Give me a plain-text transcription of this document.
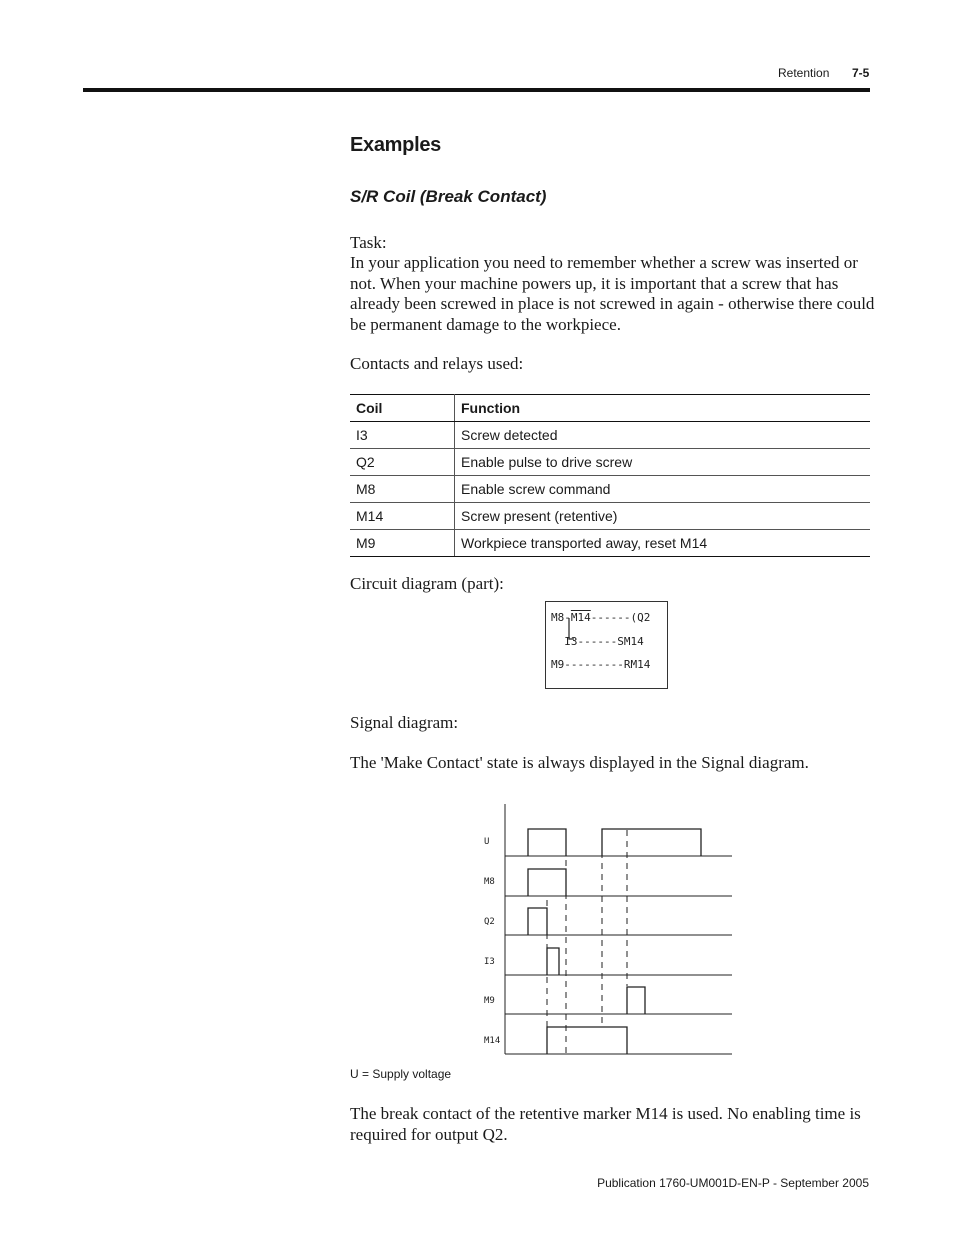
Retention 7-5
Examples
S/R Coil (Break Contact)

Task:

In your application you need to remember whether a screw was inserted or not. When your machine powers up, it is important that a screw that has already been screwed in place is not screwed in again - otherwise there could be permanent damage to the workpiece.

Contacts and relays used:

Coil	Function
I3	Screw detected
Q2	Enable pulse to drive screw
M8	Enable screw command
M14	Screw present (retentive)
M9	Workpiece transported away, reset M14

Circuit diagram (part):

M8-M14------(Q2
I3------SM14
M9---------RM14

Signal diagram:

The 'Make Contact' state is always displayed in the Signal diagram.

U
M8
Q2
I3
M9
M14
U = Supply voltage

The break contact of the retentive marker M14 is used. No enabling time is required for output Q2.

Publication 1760-UM001D-EN-P - September 2005
